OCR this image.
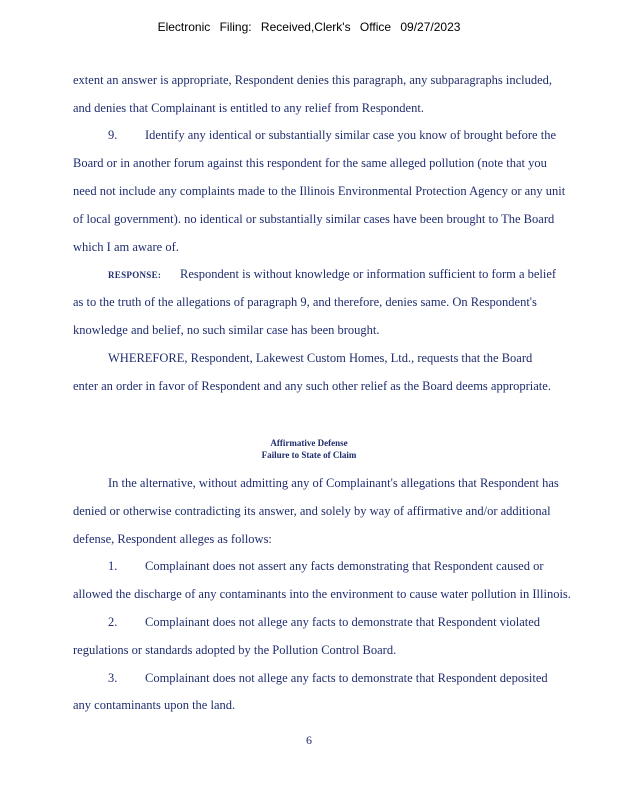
Electronic Filing: Received,Clerk's Office 09/27/2023
extent an answer is appropriate, Respondent denies this paragraph, any subparagraphs included,
and denies that Complainant is entitled to any relief from Respondent.
9. Identify any identical or substantially similar case you know of brought before the
Board or in another forum against this respondent for the same alleged pollution (note that you
need not include any complaints made to the Illinois Environmental Protection Agency or any unit
of local government). no identical or substantially similar cases have been brought to The Board
which I am aware of.
RESPONSE: Respondent is without knowledge or information sufficient to form a belief
as to the truth of the allegations of paragraph 9, and therefore, denies same. On Respondent's
knowledge and belief, no such similar case has been brought.
WHEREFORE, Respondent, Lakewest Custom Homes, Ltd., requests that the Board
enter an order in favor of Respondent and any such other relief as the Board deems appropriate.
Affirmative Defense
Failure to State of Claim
In the alternative, without admitting any of Complainant's allegations that Respondent has
denied or otherwise contradicting its answer, and solely by way of affirmative and/or additional
defense, Respondent alleges as follows:
1. Complainant does not assert any facts demonstrating that Respondent caused or
allowed the discharge of any contaminants into the environment to cause water pollution in Illinois.
2. Complainant does not allege any facts to demonstrate that Respondent violated
regulations or standards adopted by the Pollution Control Board.
3. Complainant does not allege any facts to demonstrate that Respondent deposited
any contaminants upon the land.
6
